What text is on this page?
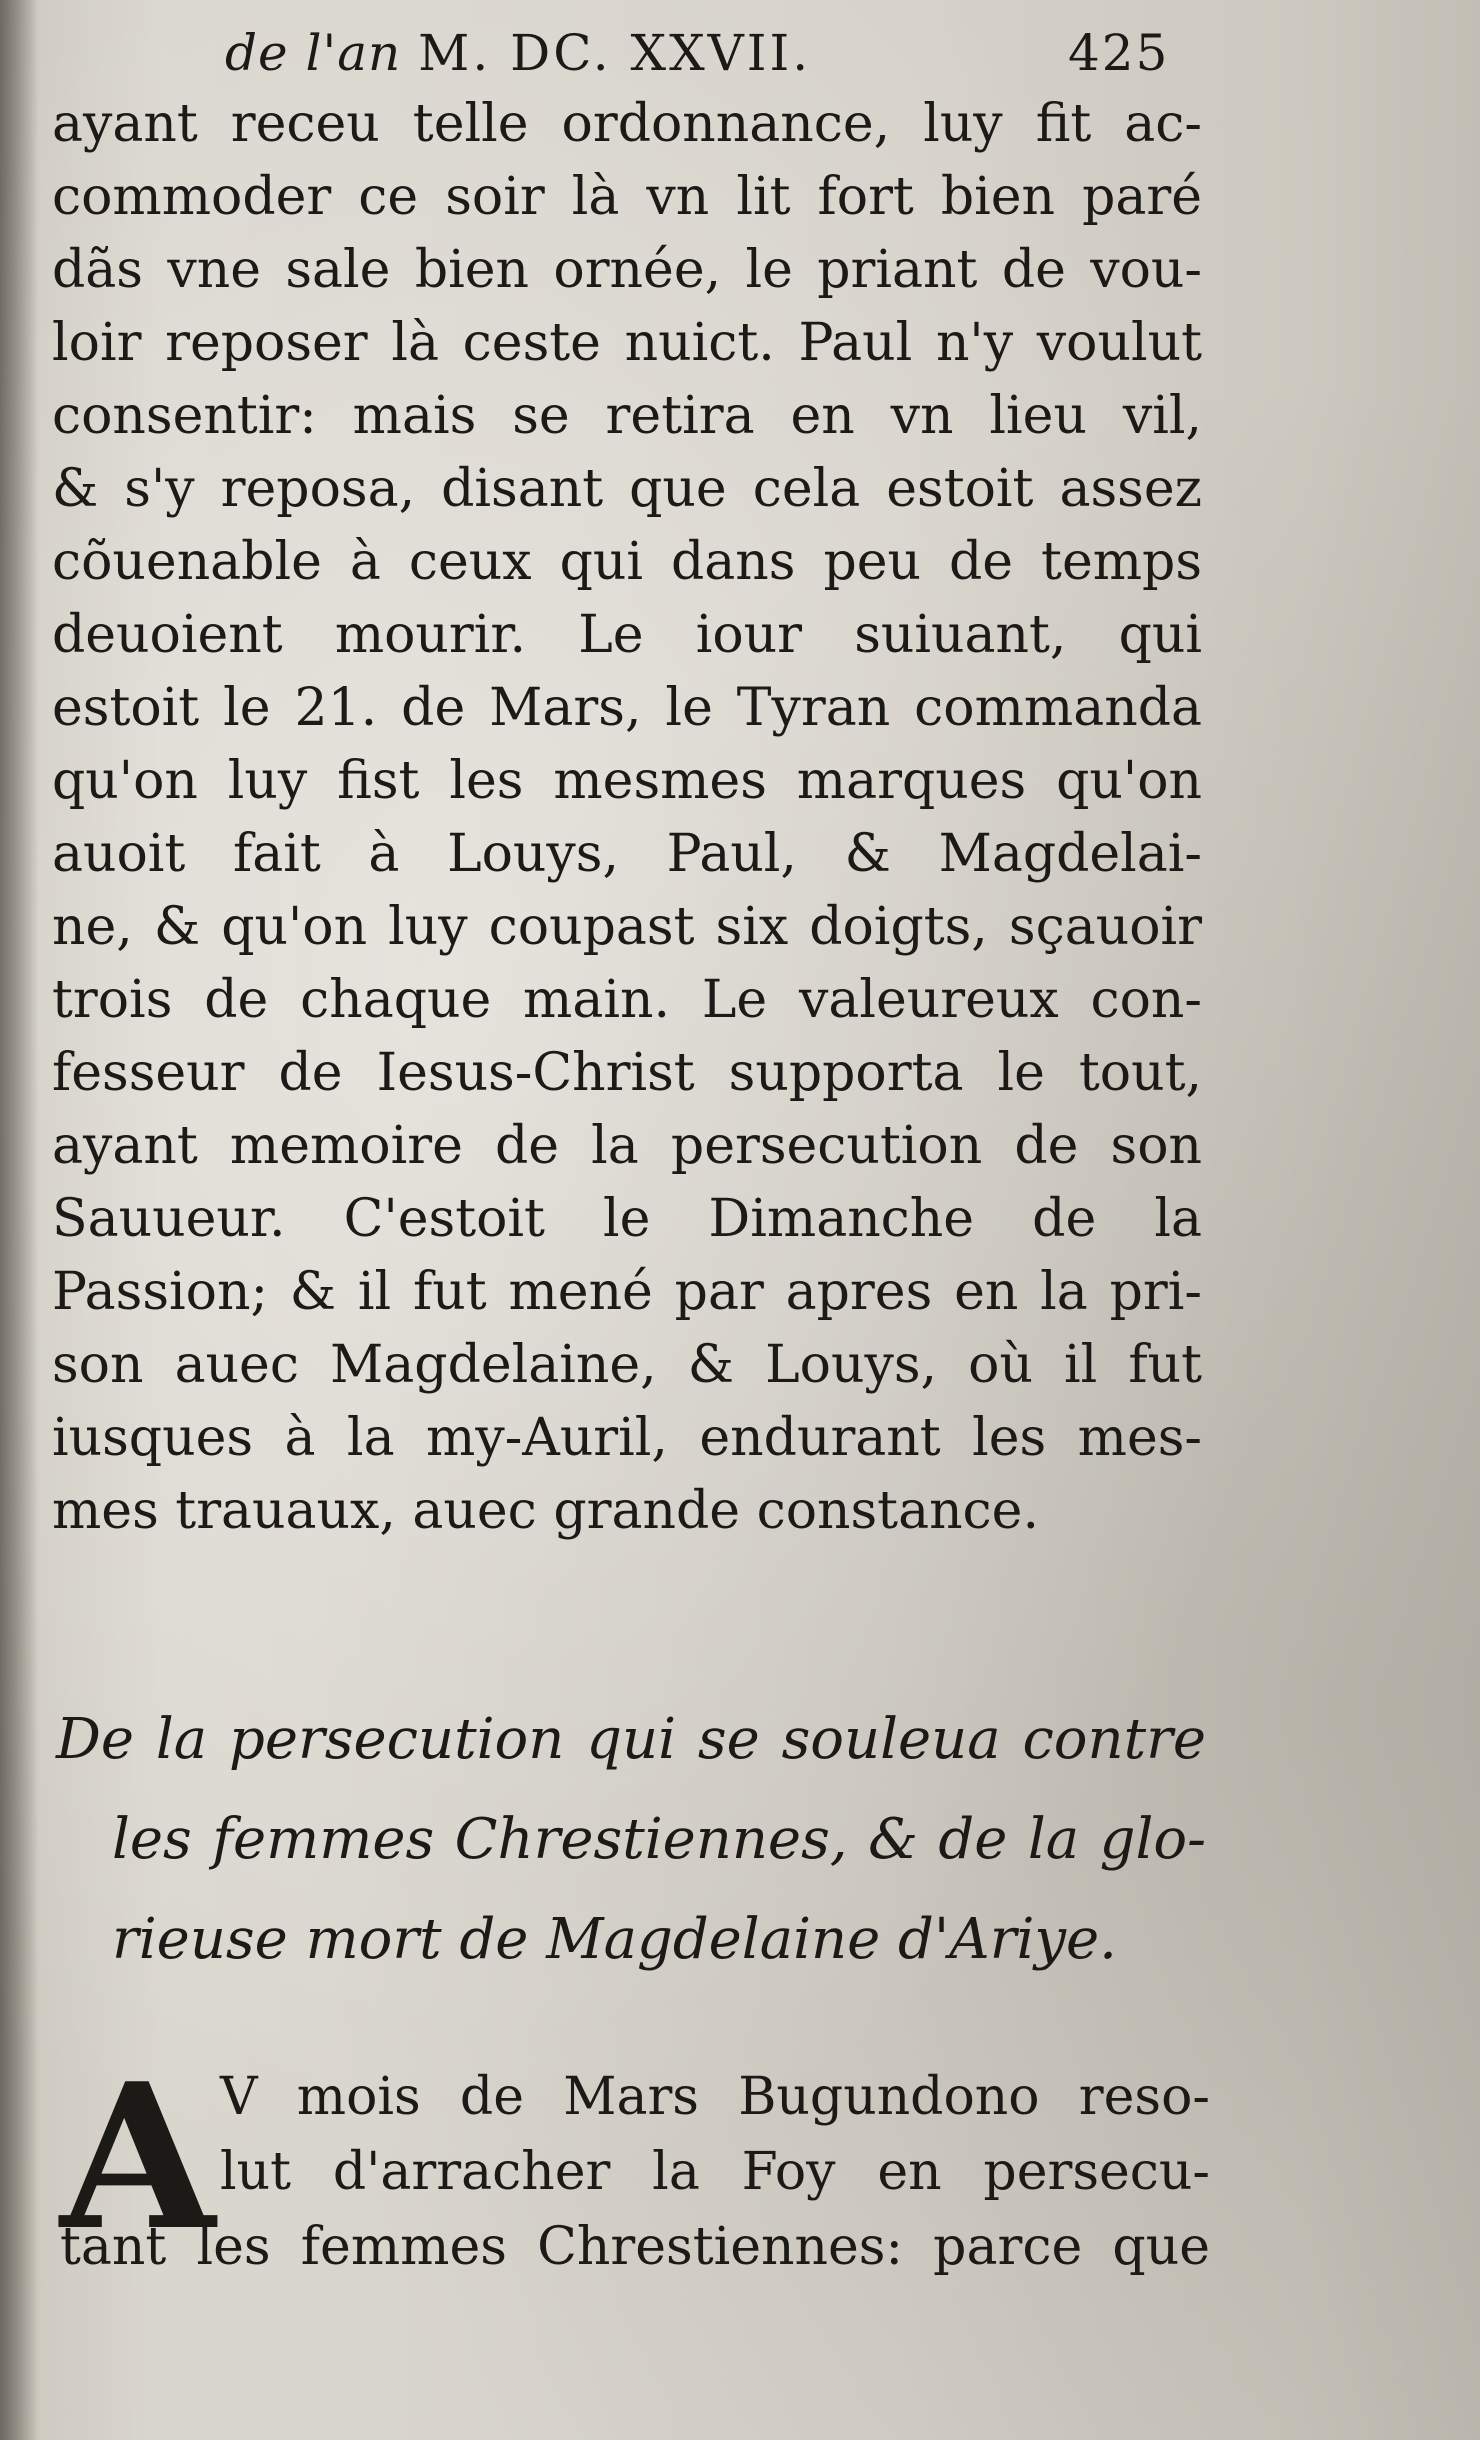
de l'an M. DC. XXVII.	425
ayant receu telle ordonnance, luy fit ac-
commoder ce soir là vn lit fort bien paré
dãs vne sale bien ornée, le priant de vou-
loir reposer là ceste nuict. Paul n'y voulut
consentir: mais se retira en vn lieu vil,
& s'y reposa, disant que cela estoit assez
cõuenable à ceux qui dans peu de temps
deuoient mourir. Le iour suiuant, qui
estoit le 21. de Mars, le Tyran commanda
qu'on luy fist les mesmes marques qu'on
auoit fait à Louys, Paul, & Magdelai-
ne, & qu'on luy coupast six doigts, sçauoir
trois de chaque main. Le valeureux con-
fesseur de Iesus-Christ supporta le tout,
ayant memoire de la persecution de son
Sauueur. C'estoit le Dimanche de la
Passion; & il fut mené par apres en la pri-
son auec Magdelaine, & Louys, où il fut
iusques à la my-Auril, endurant les mes-
mes trauaux, auec grande constance.
De la persecution qui se souleua contre
les femmes Chrestiennes, & de la glo-
rieuse mort de Magdelaine d'Ariye.
A V mois de Mars Bugundono reso-
lut d'arracher la Foy en persecu-
tant les femmes Chrestiennes: parce que
